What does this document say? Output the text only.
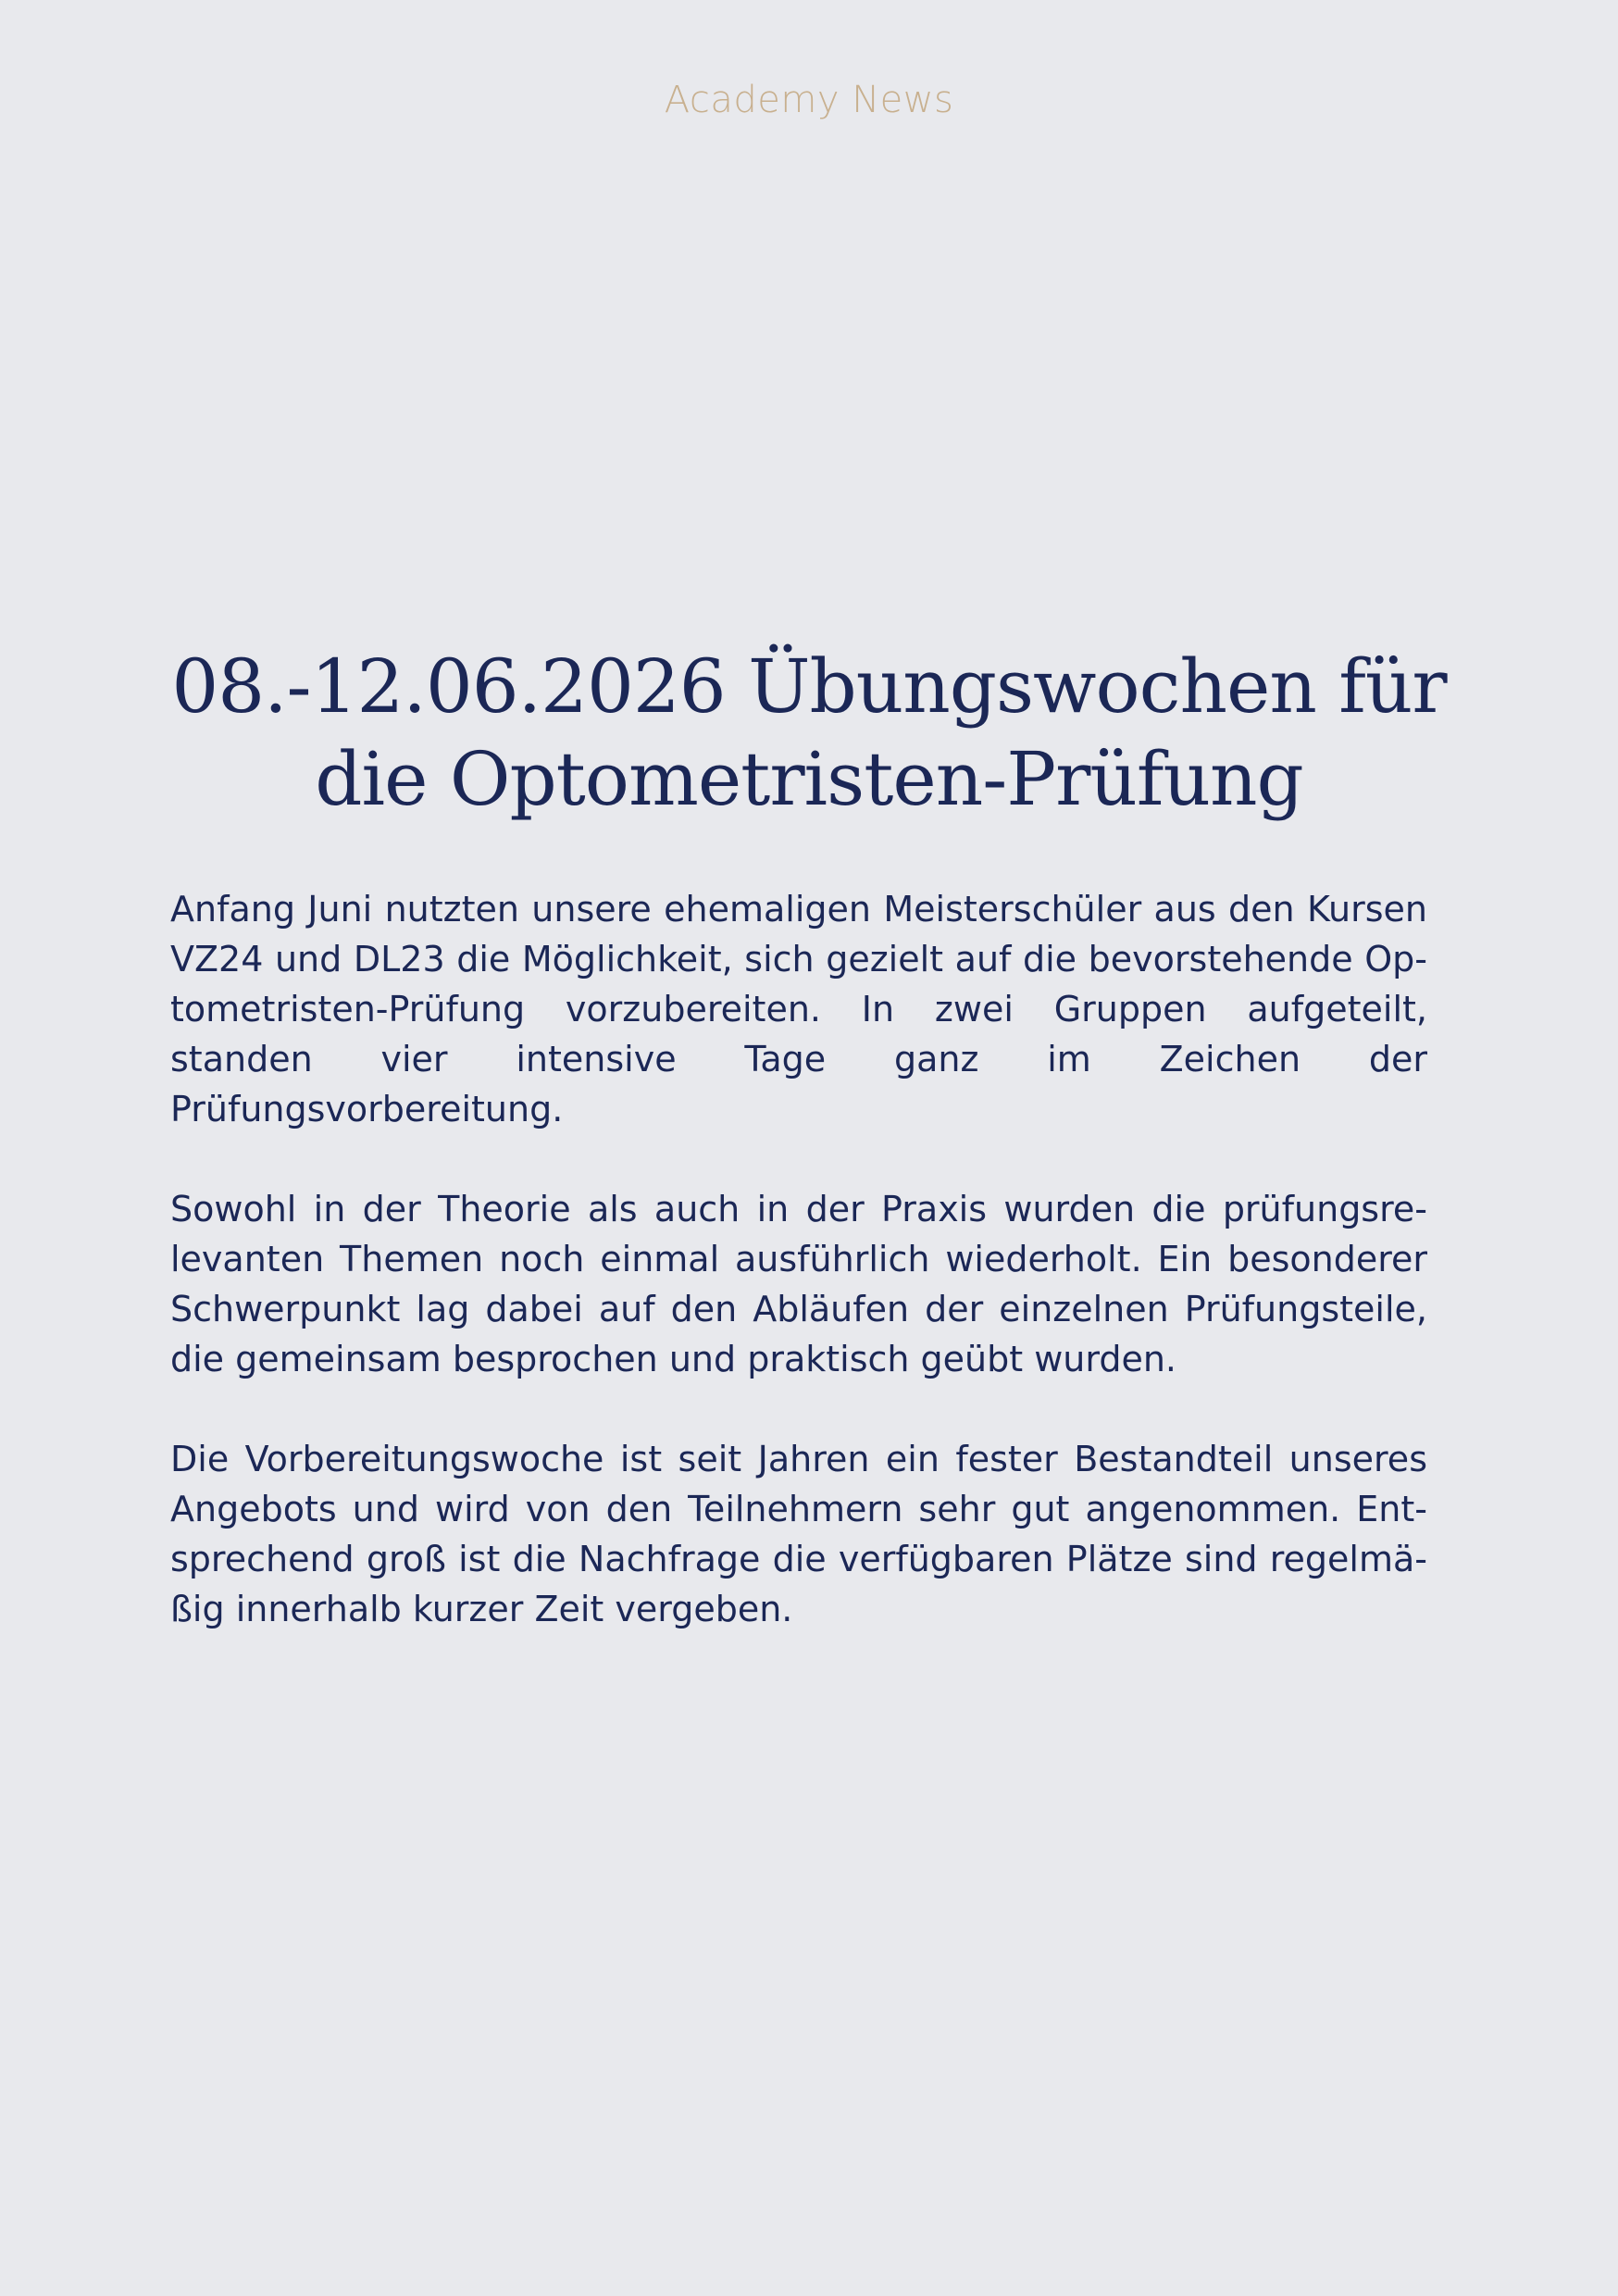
Academy News
08.-12.06.2026 Übungswochen für die Optometristen-Prüfung

Anfang Juni nutzten unsere ehemaligen Meisterschüler aus den Kursen VZ24 und DL23 die Möglichkeit, sich gezielt auf die bevorstehende Optometristen-Prüfung vorzubereiten. In zwei Gruppen aufgeteilt, standen vier intensive Tage ganz im Zeichen der Prüfungsvorbereitung.

Sowohl in der Theorie als auch in der Praxis wurden die prüfungsrelevanten Themen noch einmal ausführlich wiederholt. Ein besonderer Schwerpunkt lag dabei auf den Abläufen der einzelnen Prüfungsteile, die gemeinsam besprochen und praktisch geübt wurden.

Die Vorbereitungswoche ist seit Jahren ein fester Bestandteil unseres Angebots und wird von den Teilnehmern sehr gut angenommen. Entsprechend groß ist die Nachfrage die verfügbaren Plätze sind regelmäßig innerhalb kurzer Zeit vergeben.
